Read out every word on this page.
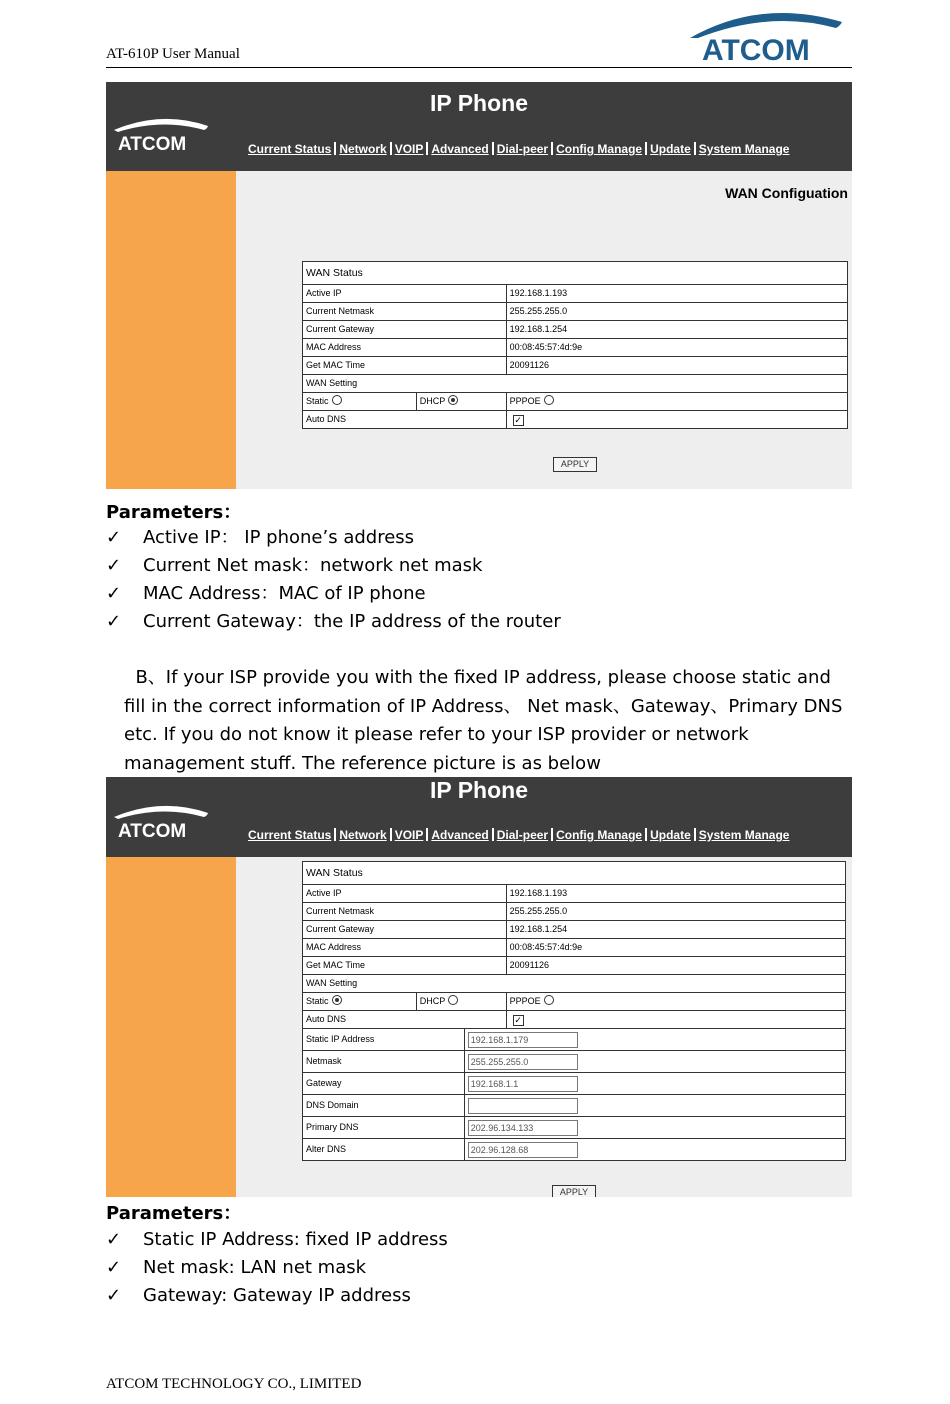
AT-610P User Manual	ATCOM
IP Phone
ATCOM	Current Status Network VOIP Advanced Dial-peer Config Manage Update System Manage
WAN Configuation
WAN Status		
Active IP		192.168.1.193
Current Netmask		255.255.255.0
Current Gateway		192.168.1.254
MAC Address		00:08:45:57:4d:9e
Get MAC Time		20091126
WAN Setting		
Static	DHCP	PPPOE
Auto DNS		✓
APPLY
Parameters：
✓ Active IP： IP phone’s address
✓ Current Net mask：network net mask
✓ MAC Address：MAC of IP phone
✓ Current Gateway：the IP address of the router
B、If your ISP provide you with the fixed IP address, please choose static and
fill in the correct information of IP Address、 Net mask、Gateway、Primary DNS
etc. If you do not know it please refer to your ISP provider or network
management stuff. The reference picture is as below
IP Phone
ATCOM	Current Status Network VOIP Advanced Dial-peer Config Manage Update System Manage
WAN Status			
Active IP			192.168.1.193
Current Netmask			255.255.255.0
Current Gateway			192.168.1.254
MAC Address			00:08:45:57:4d:9e
Get MAC Time			20091126
WAN Setting			
Static	DHCP		PPPOE
Auto DNS			✓
Static IP Address		192.168.1.179	
Netmask		255.255.255.0	
Gateway		192.168.1.1	
DNS Domain			
Primary DNS		202.96.134.133	
Alter DNS		202.96.128.68	
APPLY
Parameters：
✓ Static IP Address: fixed IP address
✓ Net mask: LAN net mask
✓ Gateway: Gateway IP address
ATCOM TECHNOLOGY CO., LIMITED
